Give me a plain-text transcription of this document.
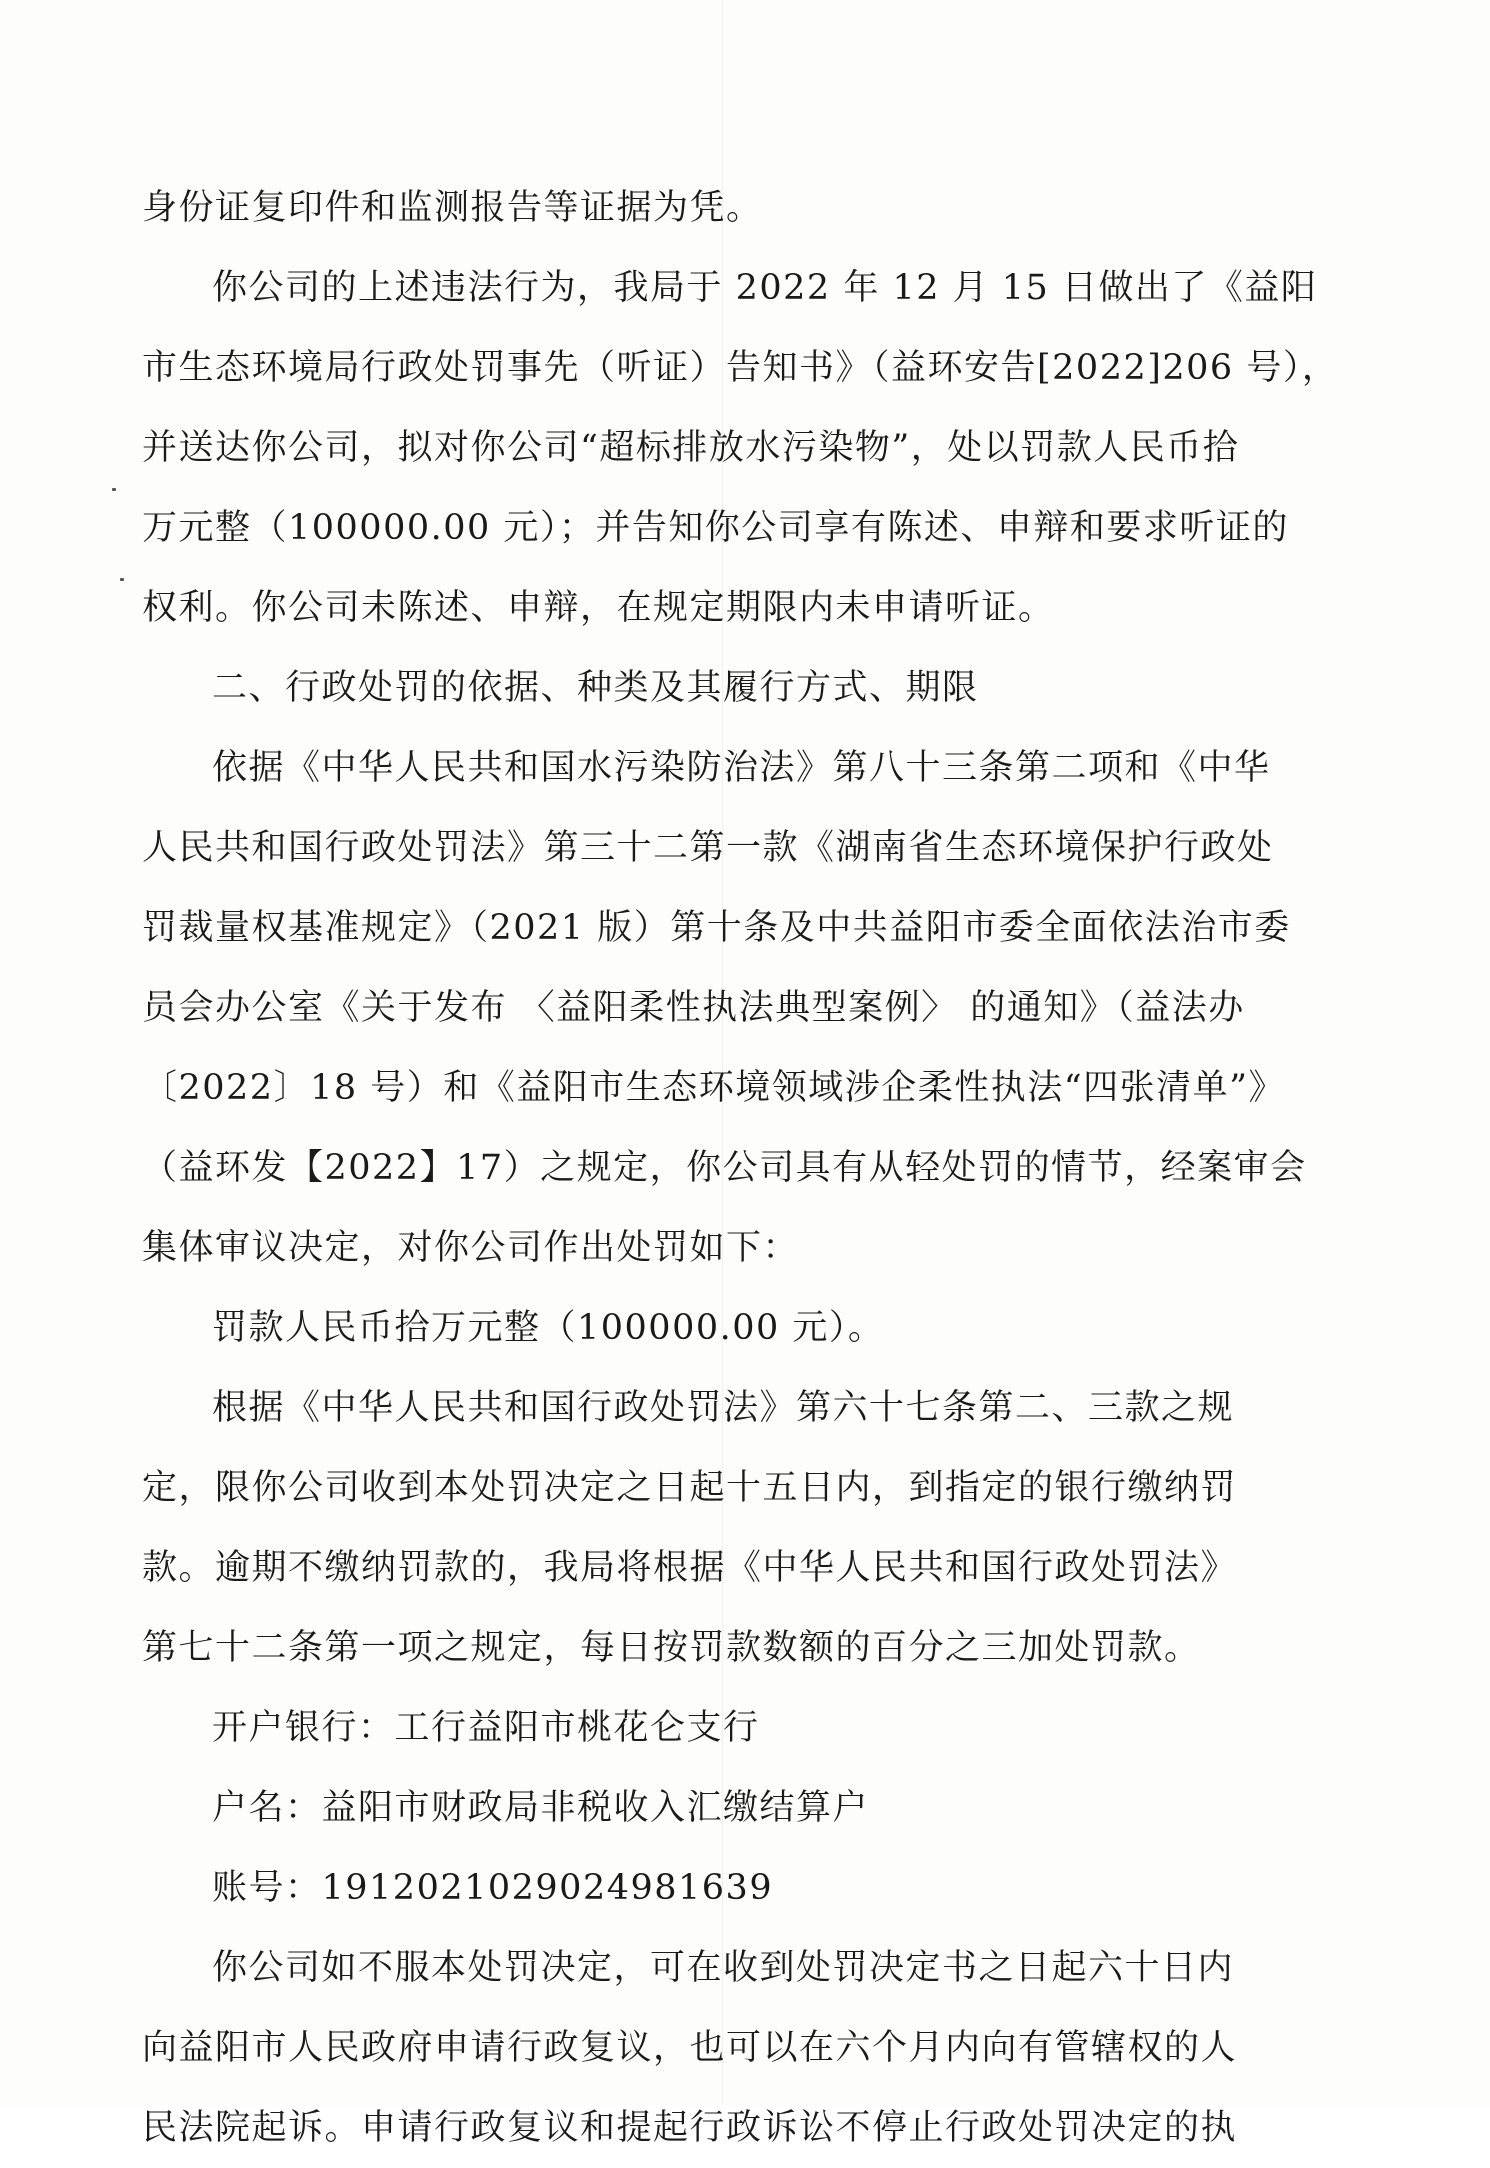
身份证复印件和监测报告等证据为凭。
你公司的上述违法行为，我局于 2022 年 12 月 15 日做出了《益阳
市生态环境局行政处罚事先（听证）告知书》（益环安告[2022]206 号），
并送达你公司，拟对你公司“超标排放水污染物”，处以罚款人民币拾
万元整（100000.00 元）；并告知你公司享有陈述、申辩和要求听证的
权利。你公司未陈述、申辩，在规定期限内未申请听证。
二、行政处罚的依据、种类及其履行方式、期限
依据《中华人民共和国水污染防治法》第八十三条第二项和《中华
人民共和国行政处罚法》第三十二第一款《湖南省生态环境保护行政处
罚裁量权基准规定》（2021 版）第十条及中共益阳市委全面依法治市委
员会办公室《关于发布 〈益阳柔性执法典型案例〉 的通知》（益法办
〔2022〕18 号）和《益阳市生态环境领域涉企柔性执法“四张清单”》
（益环发【2022】17）之规定，你公司具有从轻处罚的情节，经案审会
集体审议决定，对你公司作出处罚如下：
罚款人民币拾万元整（100000.00 元）。
根据《中华人民共和国行政处罚法》第六十七条第二、三款之规
定，限你公司收到本处罚决定之日起十五日内，到指定的银行缴纳罚
款。逾期不缴纳罚款的，我局将根据《中华人民共和国行政处罚法》
第七十二条第一项之规定，每日按罚款数额的百分之三加处罚款。
开户银行：工行益阳市桃花仑支行
户名：益阳市财政局非税收入汇缴结算户
账号：1912021029024981639
你公司如不服本处罚决定，可在收到处罚决定书之日起六十日内
向益阳市人民政府申请行政复议，也可以在六个月内向有管辖权的人
民法院起诉。申请行政复议和提起行政诉讼不停止行政处罚决定的执
